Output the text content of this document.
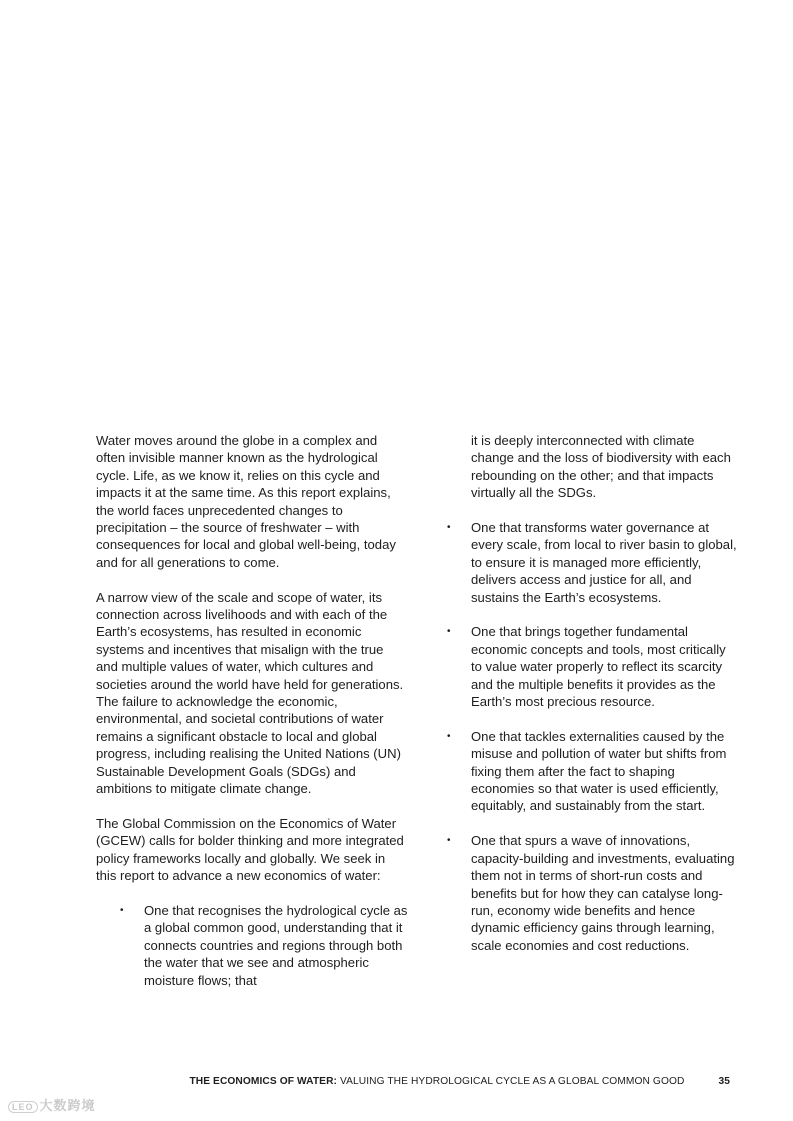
Water moves around the globe in a complex and often invisible manner known as the hydrological cycle. Life, as we know it, relies on this cycle and impacts it at the same time. As this report explains, the world faces unprecedented changes to precipitation – the source of freshwater – with consequences for local and global well-being, today and for all generations to come.

A narrow view of the scale and scope of water, its connection across livelihoods and with each of the Earth’s ecosystems, has resulted in economic systems and incentives that misalign with the true and multiple values of water, which cultures and societies around the world have held for generations. The failure to acknowledge the economic, environmental, and societal contributions of water remains a significant obstacle to local and global progress, including realising the United Nations (UN) Sustainable Development Goals (SDGs) and ambitions to mitigate climate change.

The Global Commission on the Economics of Water (GCEW) calls for bolder thinking and more integrated policy frameworks locally and globally. We seek in this report to advance a new economics of water:

• One that recognises the hydrological cycle as a global common good, understanding that it connects countries and regions through both the water that we see and atmospheric moisture flows; that

it is deeply interconnected with climate change and the loss of biodiversity with each rebounding on the other; and that impacts virtually all the SDGs.

• One that transforms water governance at every scale, from local to river basin to global, to ensure it is managed more efficiently, delivers access and justice for all, and sustains the Earth’s ecosystems.
• One that brings together fundamental economic concepts and tools, most critically to value water properly to reflect its scarcity and the multiple benefits it provides as the Earth’s most precious resource.
• One that tackles externalities caused by the misuse and pollution of water but shifts from fixing them after the fact to shaping economies so that water is used efficiently, equitably, and sustainably from the start.
• One that spurs a wave of innovations, capacity-building and investments, evaluating them not in terms of short-run costs and benefits but for how they can catalyse long-run, economy wide benefits and hence dynamic efficiency gains through learning, scale economies and cost reductions.
THE ECONOMICS OF WATER: VALUING THE HYDROLOGICAL CYCLE AS A GLOBAL COMMON GOOD	35
LEO 大数跨境
